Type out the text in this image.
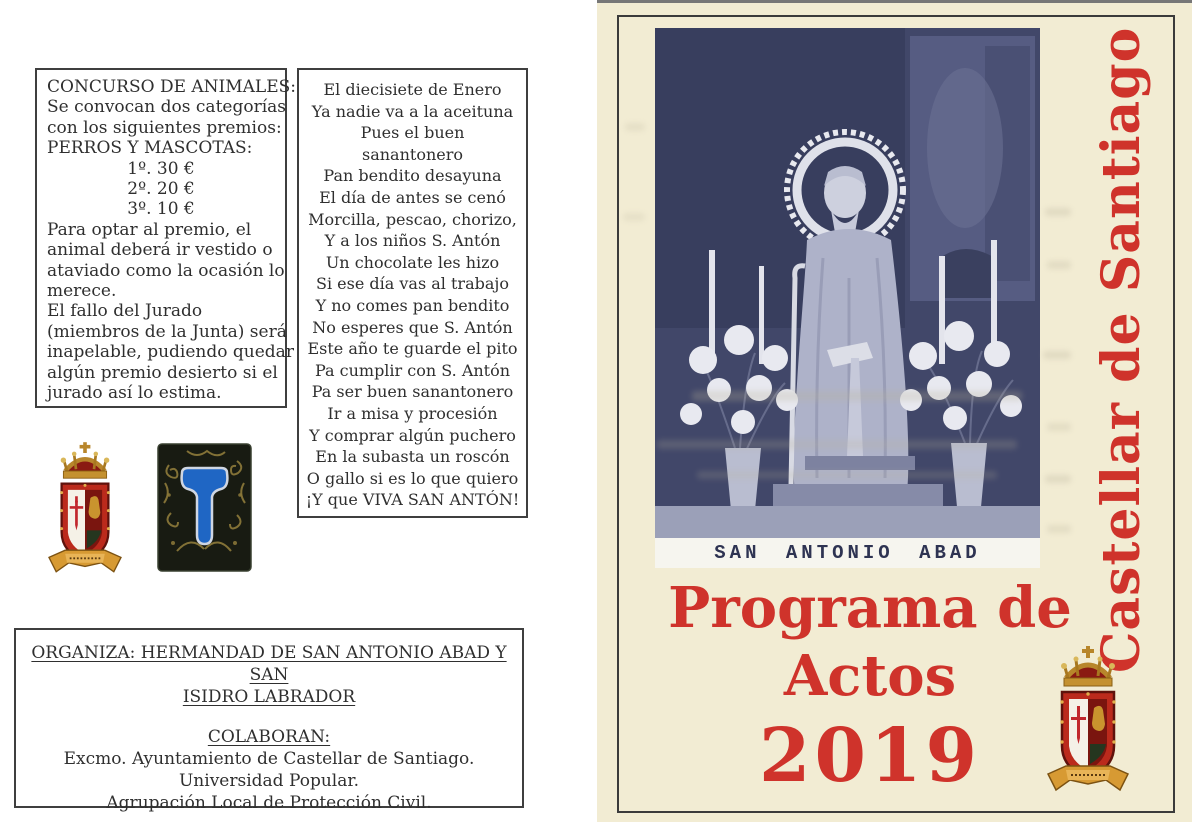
CONCURSO DE ANIMALES:
Se convocan dos categorías
con los siguientes premios:
PERROS Y MASCOTAS:
1º. 30 €
2º. 20 €
3º. 10 €
Para optar al premio, el
animal deberá ir vestido o
ataviado como la ocasión lo
merece.
El fallo del Jurado
(miembros de la Junta) será
inapelable, pudiendo quedar
algún premio desierto si el
jurado así lo estima.
El diecisiete de Enero
Ya nadie va a la aceituna
Pues el buen
sanantonero
Pan bendito desayuna
El día de antes se cenó
Morcilla, pescao, chorizo,
Y a los niños S. Antón
Un chocolate les hizo
Si ese día vas al trabajo
Y no comes pan bendito
No esperes que S. Antón
Este año te guarde el pito
Pa cumplir con S. Antón
Pa ser buen sanantonero
Ir a misa y procesión
Y comprar algún puchero
En la subasta un roscón
O gallo si es lo que quiero
¡Y que VIVA SAN ANTÓN!
ORGANIZA: HERMANDAD DE SAN ANTONIO ABAD Y SAN
ISIDRO LABRADOR
COLABORAN:
Excmo. Ayuntamiento de Castellar de Santiago.
Universidad Popular.
Agrupación Local de Protección Civil.
SAN ANTONIO ABAD
Programa de
Actos
2019
Castellar de Santiago
